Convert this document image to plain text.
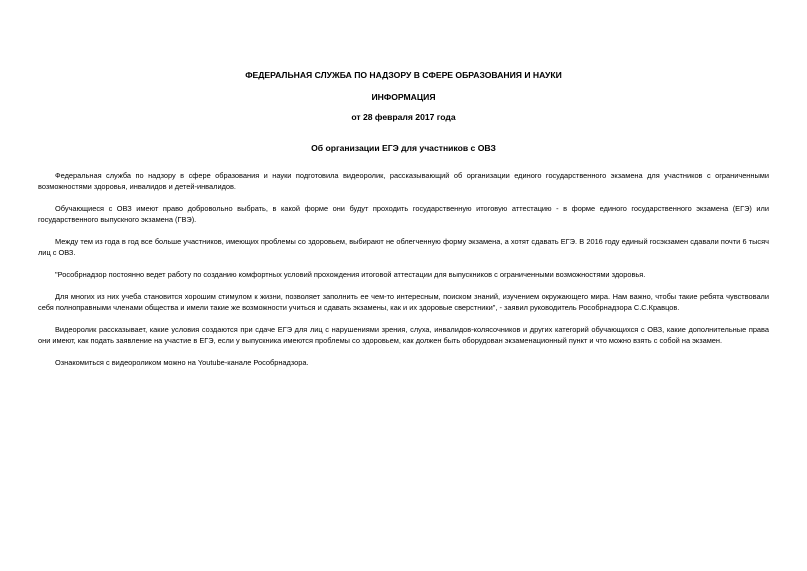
ФЕДЕРАЛЬНАЯ СЛУЖБА ПО НАДЗОРУ В СФЕРЕ ОБРАЗОВАНИЯ И НАУКИ
ИНФОРМАЦИЯ
от 28 февраля 2017 года
Об организации ЕГЭ для участников с ОВЗ

Федеральная служба по надзору в сфере образования и науки подготовила видеоролик, рассказывающий об организации единого государственного экзамена для участников с ограниченными возможностями здоровья, инвалидов и детей-инвалидов.

Обучающиеся с ОВЗ имеют право добровольно выбрать, в какой форме они будут проходить государственную итоговую аттестацию - в форме единого государственного экзамена (ЕГЭ) или государственного выпускного экзамена (ГВЭ).

Между тем из года в год все больше участников, имеющих проблемы со здоровьем, выбирают не облегченную форму экзамена, а хотят сдавать ЕГЭ. В 2016 году единый госэкзамен сдавали почти 6 тысяч лиц с ОВЗ.

"Рособрнадзор постоянно ведет работу по созданию комфортных условий прохождения итоговой аттестации для выпускников с ограниченными возможностями здоровья.

Для многих из них учеба становится хорошим стимулом к жизни, позволяет заполнить ее чем-то интересным, поиском знаний, изучением окружающего мира. Нам важно, чтобы такие ребята чувствовали себя полноправными членами общества и имели такие же возможности учиться и сдавать экзамены, как и их здоровые сверстники", - заявил руководитель Рособрнадзора С.С.Кравцов.

Видеоролик рассказывает, какие условия создаются при сдаче ЕГЭ для лиц с нарушениями зрения, слуха, инвалидов-колясочников и других категорий обучающихся с ОВЗ, какие дополнительные права они имеют, как подать заявление на участие в ЕГЭ, если у выпускника имеются проблемы со здоровьем, как должен быть оборудован экзаменационный пункт и что можно взять с собой на экзамен.

Ознакомиться с видеороликом можно на Youtube-канале Рособрнадзора.
